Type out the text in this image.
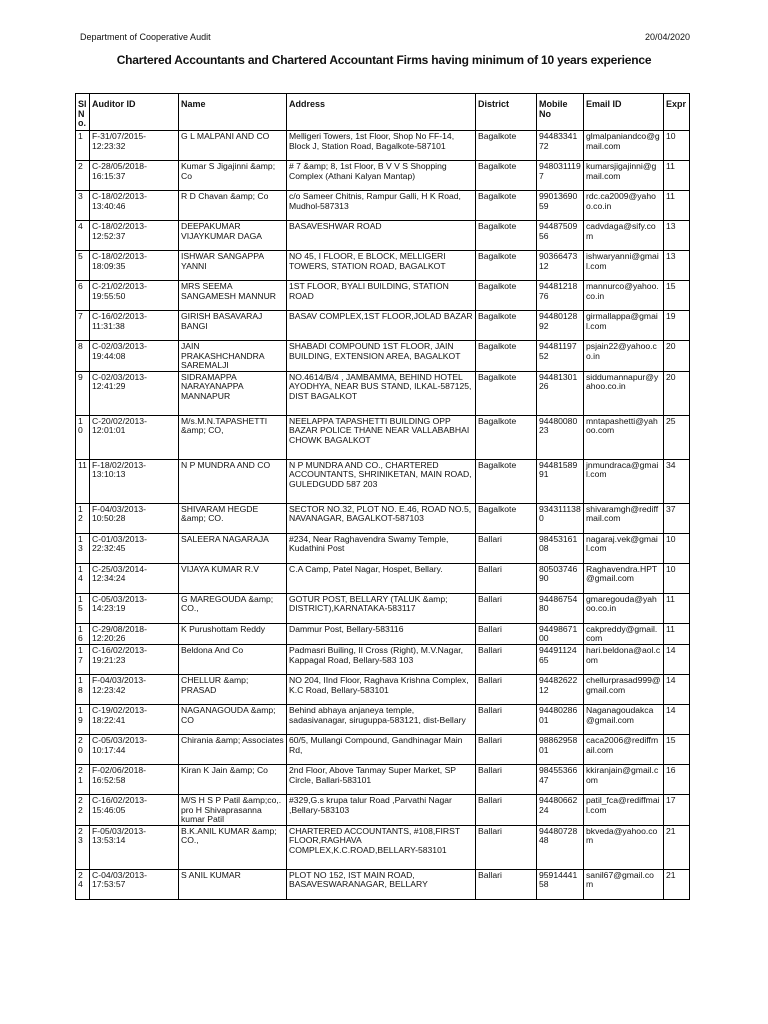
Department of Cooperative Audit	20/04/2020
Chartered Accountants and Chartered Accountant Firms having minimum of 10 years experience
SlNo.	Auditor ID	Name	Address	District	Mobile No	Email ID	Expr
1	F-31/07/2015-12:23:32	G L MALPANI AND CO	Melligeri Towers, 1st Floor, Shop No FF-14, Block J, Station Road, Bagalkote-587101	Bagalkote	9448334172	glmalpaniandco@gmail.com	10
2	C-28/05/2018-16:15:37	Kumar S Jigajinni &amp; Co	# 7 &amp; 8, 1st Floor, B V V S Shopping Complex (Athani Kalyan Mantap)	Bagalkote	9480311197	kumarsjigajinni@gmail.com	11
3	C-18/02/2013-13:40:46	R D Chavan &amp; Co	c/o Sameer Chitnis, Rampur Galli, H K Road, Mudhol-587313	Bagalkote	9901369059	rdc.ca2009@yahoo.co.in	11
4	C-18/02/2013-12:52:37	DEEPAKUMAR VIJAYKUMAR DAGA	BASAVESHWAR ROAD	Bagalkote	9448750956	cadvdaga@sify.com	13
5	C-18/02/2013-18:09:35	ISHWAR SANGAPPA YANNI	NO 45, I FLOOR, E BLOCK, MELLIGERI TOWERS, STATION ROAD, BAGALKOT	Bagalkote	9036647312	ishwaryanni@gmail.com	13
6	C-21/02/2013-19:55:50	MRS SEEMA SANGAMESH MANNUR	1ST FLOOR, BYALI BUILDING, STATION ROAD	Bagalkote	9448121876	mannurco@yahoo.co.in	15
7	C-16/02/2013-11:31:38	GIRISH BASAVARAJ BANGI	BASAV COMPLEX,1ST FLOOR,JOLAD BAZAR	Bagalkote	9448012892	girmallappa@gmail.com	19
8	C-02/03/2013-19:44:08	JAIN PRAKASHCHANDRA SAREMALJI	SHABADI COMPOUND 1ST FLOOR, JAIN BUILDING, EXTENSION AREA, BAGALKOT	Bagalkote	9448119752	psjain22@yahoo.co.in	20
9	C-02/03/2013-12:41:29	SIDRAMAPPA NARAYANAPPA MANNAPUR	NO.4614/B/4 , JAMBAMMA, BEHIND HOTEL AYODHYA, NEAR BUS STAND, ILKAL-587125, DIST BAGALKOT	Bagalkote	9448130126	siddumannapur@yahoo.co.in	20
10	C-20/02/2013-12:01:01	M/s.M.N.TAPASHETTI &amp; CO,	NEELAPPA TAPASHETTI BUILDING OPP BAZAR POLICE THANE NEAR VALLABABHAI CHOWK BAGALKOT	Bagalkote	9448008023	mntapashetti@yahoo.com	25
11	F-18/02/2013-13:10:13	N P MUNDRA AND CO	N P MUNDRA AND CO., CHARTERED ACCOUNTANTS, SHRINIKETAN, MAIN ROAD, GULEDGUDD 587 203	Bagalkote	9448158991	jnmundraca@gmail.com	34
12	F-04/03/2013-10:50:28	SHIVARAM HEGDE &amp; CO.	SECTOR NO.32, PLOT NO. E.46, ROAD NO.5, NAVANAGAR, BAGALKOT-587103	Bagalkote	9343111380	shivaramgh@rediffmail.com	37
13	C-01/03/2013-22:32:45	SALEERA NAGARAJA	#234, Near Raghavendra Swamy Temple, Kudathini Post	Ballari	9845316108	nagaraj.vek@gmail.com	10
14	C-25/03/2014-12:34:24	VIJAYA KUMAR R.V	C.A Camp, Patel Nagar, Hospet, Bellary.	Ballari	8050374690	Raghavendra.HPT@gmail.com	10
15	C-05/03/2013-14:23:19	G MAREGOUDA &amp; CO.,	GOTUR POST, BELLARY (TALUK &amp; DISTRICT),KARNATAKA-583117	Ballari	9448675480	gmaregouda@yahoo.co.in	11
16	C-29/08/2018-12:20:26	K Purushottam Reddy	Dammur Post, Bellary-583116	Ballari	9449867100	cakpreddy@gmail.com	11
17	C-16/02/2013-19:21:23	Beldona And Co	Padmasri Builing, II Cross (Right), M.V.Nagar, Kappagal Road, Bellary-583 103	Ballari	9449112465	hari.beldona@aol.com	14
18	F-04/03/2013-12:23:42	CHELLUR &amp; PRASAD	NO 204, IInd Floor, Raghava Krishna Complex, K.C Road, Bellary-583101	Ballari	9448262212	chellurprasad999@gmail.com	14
19	C-19/02/2013-18:22:41	NAGANAGOUDA &amp; CO	Behind abhaya anjaneya temple, sadasivanagar, siruguppa-583121, dist-Bellary	Ballari	9448028601	Naganagoudakca@gmail.com	14
20	C-05/03/2013-10:17:44	Chirania &amp; Associates	60/5, Mullangi Compound, Gandhinagar Main Rd,	Ballari	9886295801	caca2006@rediffmail.com	15
21	F-02/06/2018-16:52:58	Kiran K Jain &amp; Co	2nd Floor, Above Tanmay Super Market, SP Circle, Ballari-583101	Ballari	9845536647	kkiranjain@gmail.com	16
22	C-16/02/2013-15:46:05	M/S H S P Patil &amp;co,. pro H Shivaprasanna kumar Patil	#329,G.s krupa talur Road ,Parvathi Nagar ,Bellary-583103	Ballari	9448066224	patil_fca@rediffmail.com	17
23	F-05/03/2013-13:53:14	B.K.ANIL KUMAR &amp; CO.,	CHARTERED ACCOUNTANTS, #108,FIRST FLOOR,RAGHAVA COMPLEX,K.C.ROAD,BELLARY-583101	Ballari	9448072848	bkveda@yahoo.com	21
24	C-04/03/2013-17:53:57	S ANIL KUMAR	PLOT NO 152, IST MAIN ROAD, BASAVESWARANAGAR, BELLARY	Ballari	9591444158	sanil67@gmail.com	21
